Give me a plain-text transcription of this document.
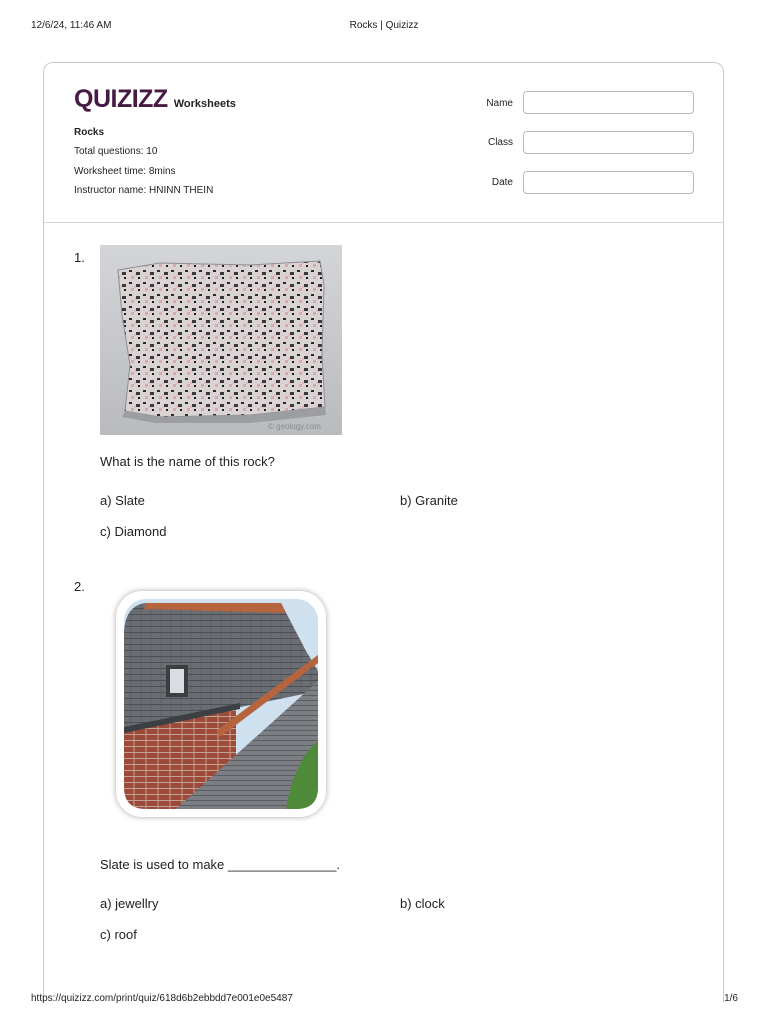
12/6/24, 11:46 AM	Rocks | Quizizz
QUIZIZZ Worksheets
Rocks
Total questions: 10
Worksheet time: 8mins
Instructor name: HNINN THEIN
Name
Class
Date
1.
© geology.com
What is the name of this rock?
a) Slate	b) Granite
c) Diamond
2.
Slate is used to make _______________.
a) jewellry	b) clock
c) roof
https://quizizz.com/print/quiz/618d6b2ebbdd7e001e0e5487	1/6
